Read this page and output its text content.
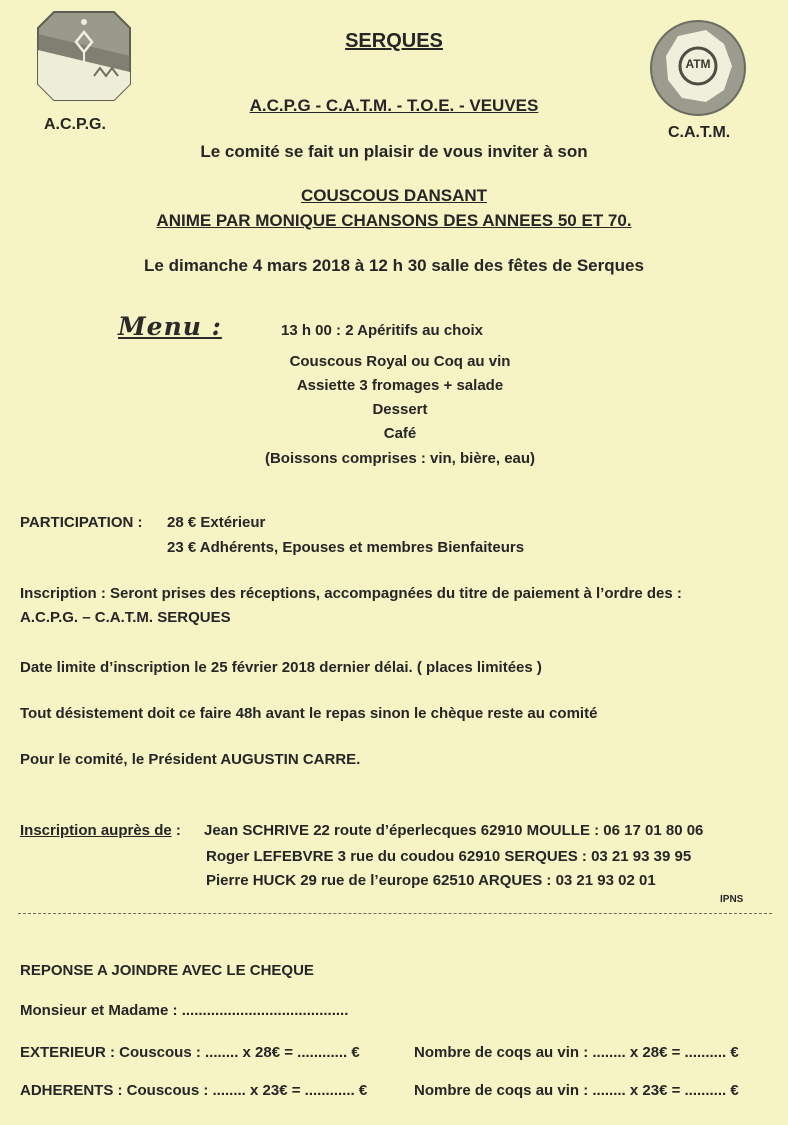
A.C.P.G.
ATM
C.A.T.M.
SERQUES
A.C.P.G - C.A.T.M. - T.O.E. - VEUVES
Le comité se fait un plaisir de vous inviter à son
COUSCOUS DANSANT
ANIME PAR MONIQUE CHANSONS DES ANNEES 50 ET 70.
Le dimanche 4 mars 2018 à 12 h 30 salle des fêtes de Serques
Menu :	13 h 00 : 2 Apéritifs au choix
Couscous Royal ou Coq au vin
Assiette 3 fromages + salade
Dessert
Café
(Boissons comprises : vin, bière, eau)
PARTICIPATION : 28 € Extérieur
23 € Adhérents, Epouses et membres Bienfaiteurs
Inscription : Seront prises des réceptions, accompagnées du titre de paiement à l’ordre des :
A.C.P.G. – C.A.T.M. SERQUES
Date limite d’inscription le 25 février 2018 dernier délai. ( places limitées )
Tout désistement doit ce faire 48h avant le repas sinon le chèque reste au comité
Pour le comité, le Président AUGUSTIN CARRE.
Inscription auprès de : Jean SCHRIVE 22 route d’éperlecques 62910 MOULLE : 06 17 01 80 06
Roger LEFEBVRE 3 rue du coudou 62910 SERQUES : 03 21 93 39 95
Pierre HUCK 29 rue de l’europe 62510 ARQUES : 03 21 93 02 01
IPNS
REPONSE A JOINDRE AVEC LE CHEQUE
Monsieur et Madame : ........................................
EXTERIEUR : Couscous : ........ x 28€ = ............ €	Nombre de coqs au vin : ........ x 28€ = .......... €
ADHERENTS : Couscous : ........ x 23€ = ............ €	Nombre de coqs au vin : ........ x 23€ = .......... €
